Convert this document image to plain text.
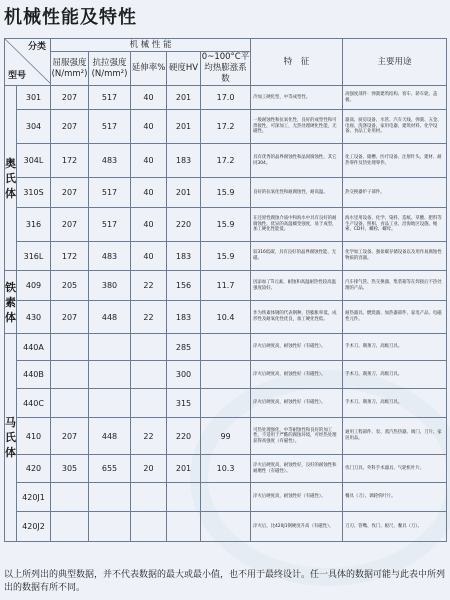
机械性能及特性
分类
型号		机 械 性 能					特　征	主要用途
		屈服强度(N/mm²)	抗拉强度(N/mm²)	延伸率%	硬度HV	0~100°C平均热膨涨系数		
奥氏体	301	207	517	40	201	17.0	冷加工硬化型，中等成型性。	高强度部件：弹簧建筑结构、客车、轿车轮、盖板。
	304	207	517	40	201	17.2	一般耐蚀性和抗氧化性，良好的成型性和可焊接性，可深加工，无热处理硬化性能，无磁性。	器皿、厨房设备、水管、汽车天线、弹簧、五金、电视、洗涤设备、家用电器、建筑材料、化学设备、食品工业用材。
	304L	172	483	40	183	17.2	具有优秀的晶界腐蚀性和晶间腐蚀性，其它同304。	化工设备、储槽、医疗设备、注射针头、建材、耐热零件及热处理零件。
	310S	207	517	40	201	15.9	良好的抗氧化性和耐腐蚀性，耐高温。	热交换器炉子部件。
	316	207	517	40	220	15.9	在还原性腐蚀介质中和海水中具有良好的耐腐蚀性，优异的高温蠕变强度，易于成型，加工硬化性能低。	海水里用设备、化学、染料、造纸、草酸、肥料等生产设备、照相、食品工业、沿海地区设施、绳索、CD杆、螺栓、螺母。
	316L	172	483	40	183	15.9	较316低碳，具有良好的晶界腐蚀性能、无磁。	化学加工设备、强盐碳存储设备以及用作易腐蚀性物质的容器。
铁素体	409	205	380	22	156	11.7	因添加了Ti元素，耐蚀和高温耐热性较高温强度较好。	汽车排气管、热交换器、集装箱等在焊接后不热处理的产品。
	430	207	448	22	183	10.4	作为铁素体钢的代表钢种，热膨胀率低，成形性及耐氧化性优良，加工硬化性低。	耐热器具、燃烧器、加热器部件、家电产品、电磁性元件。
马氏体	440A				285		淬火后硬度高，耐蚀性好（有磁性）。	手术刀、剃须刀、高级刀具。
	440B				300		淬火后硬度高，耐蚀性好（有磁性）。	手术刀、剃须刀、高级刀具。
	440C				315		淬火后硬度高，耐蚀性好（有磁性）。	手术刀、剃须刀、高级刀具。
	410	207	448	22	220	99	可热处理强化，中等耐蚀性和良好的加工性，不适用于严酷的腐蚀环境，可经热处理获得高强度（有磁性）。	通用工程部件、泵、蒸汽热热器、阀门、刀片、家居用品。
	420	305	655	20	201	10.3	淬火后硬度高，耐蚀性好，良好的耐蚀性和耐磨性（有磁性）。	伐门刀具、外科手术器具、气轮机叶片。
	420J1						淬火后硬度高，耐蚀性好（有磁性）。	餐具（刀）、调轮机叶片。
	420J2						淬火后，比420J1钢硬度升高（有磁性）。	刀刃、管嘴、伐门、板尺、餐具（刀）。
以上所列出的典型数据，并不代表数据的最大或最小值，也不用于最终设计。任一具体的数据可能与此表中所列出的数据有所不同。
